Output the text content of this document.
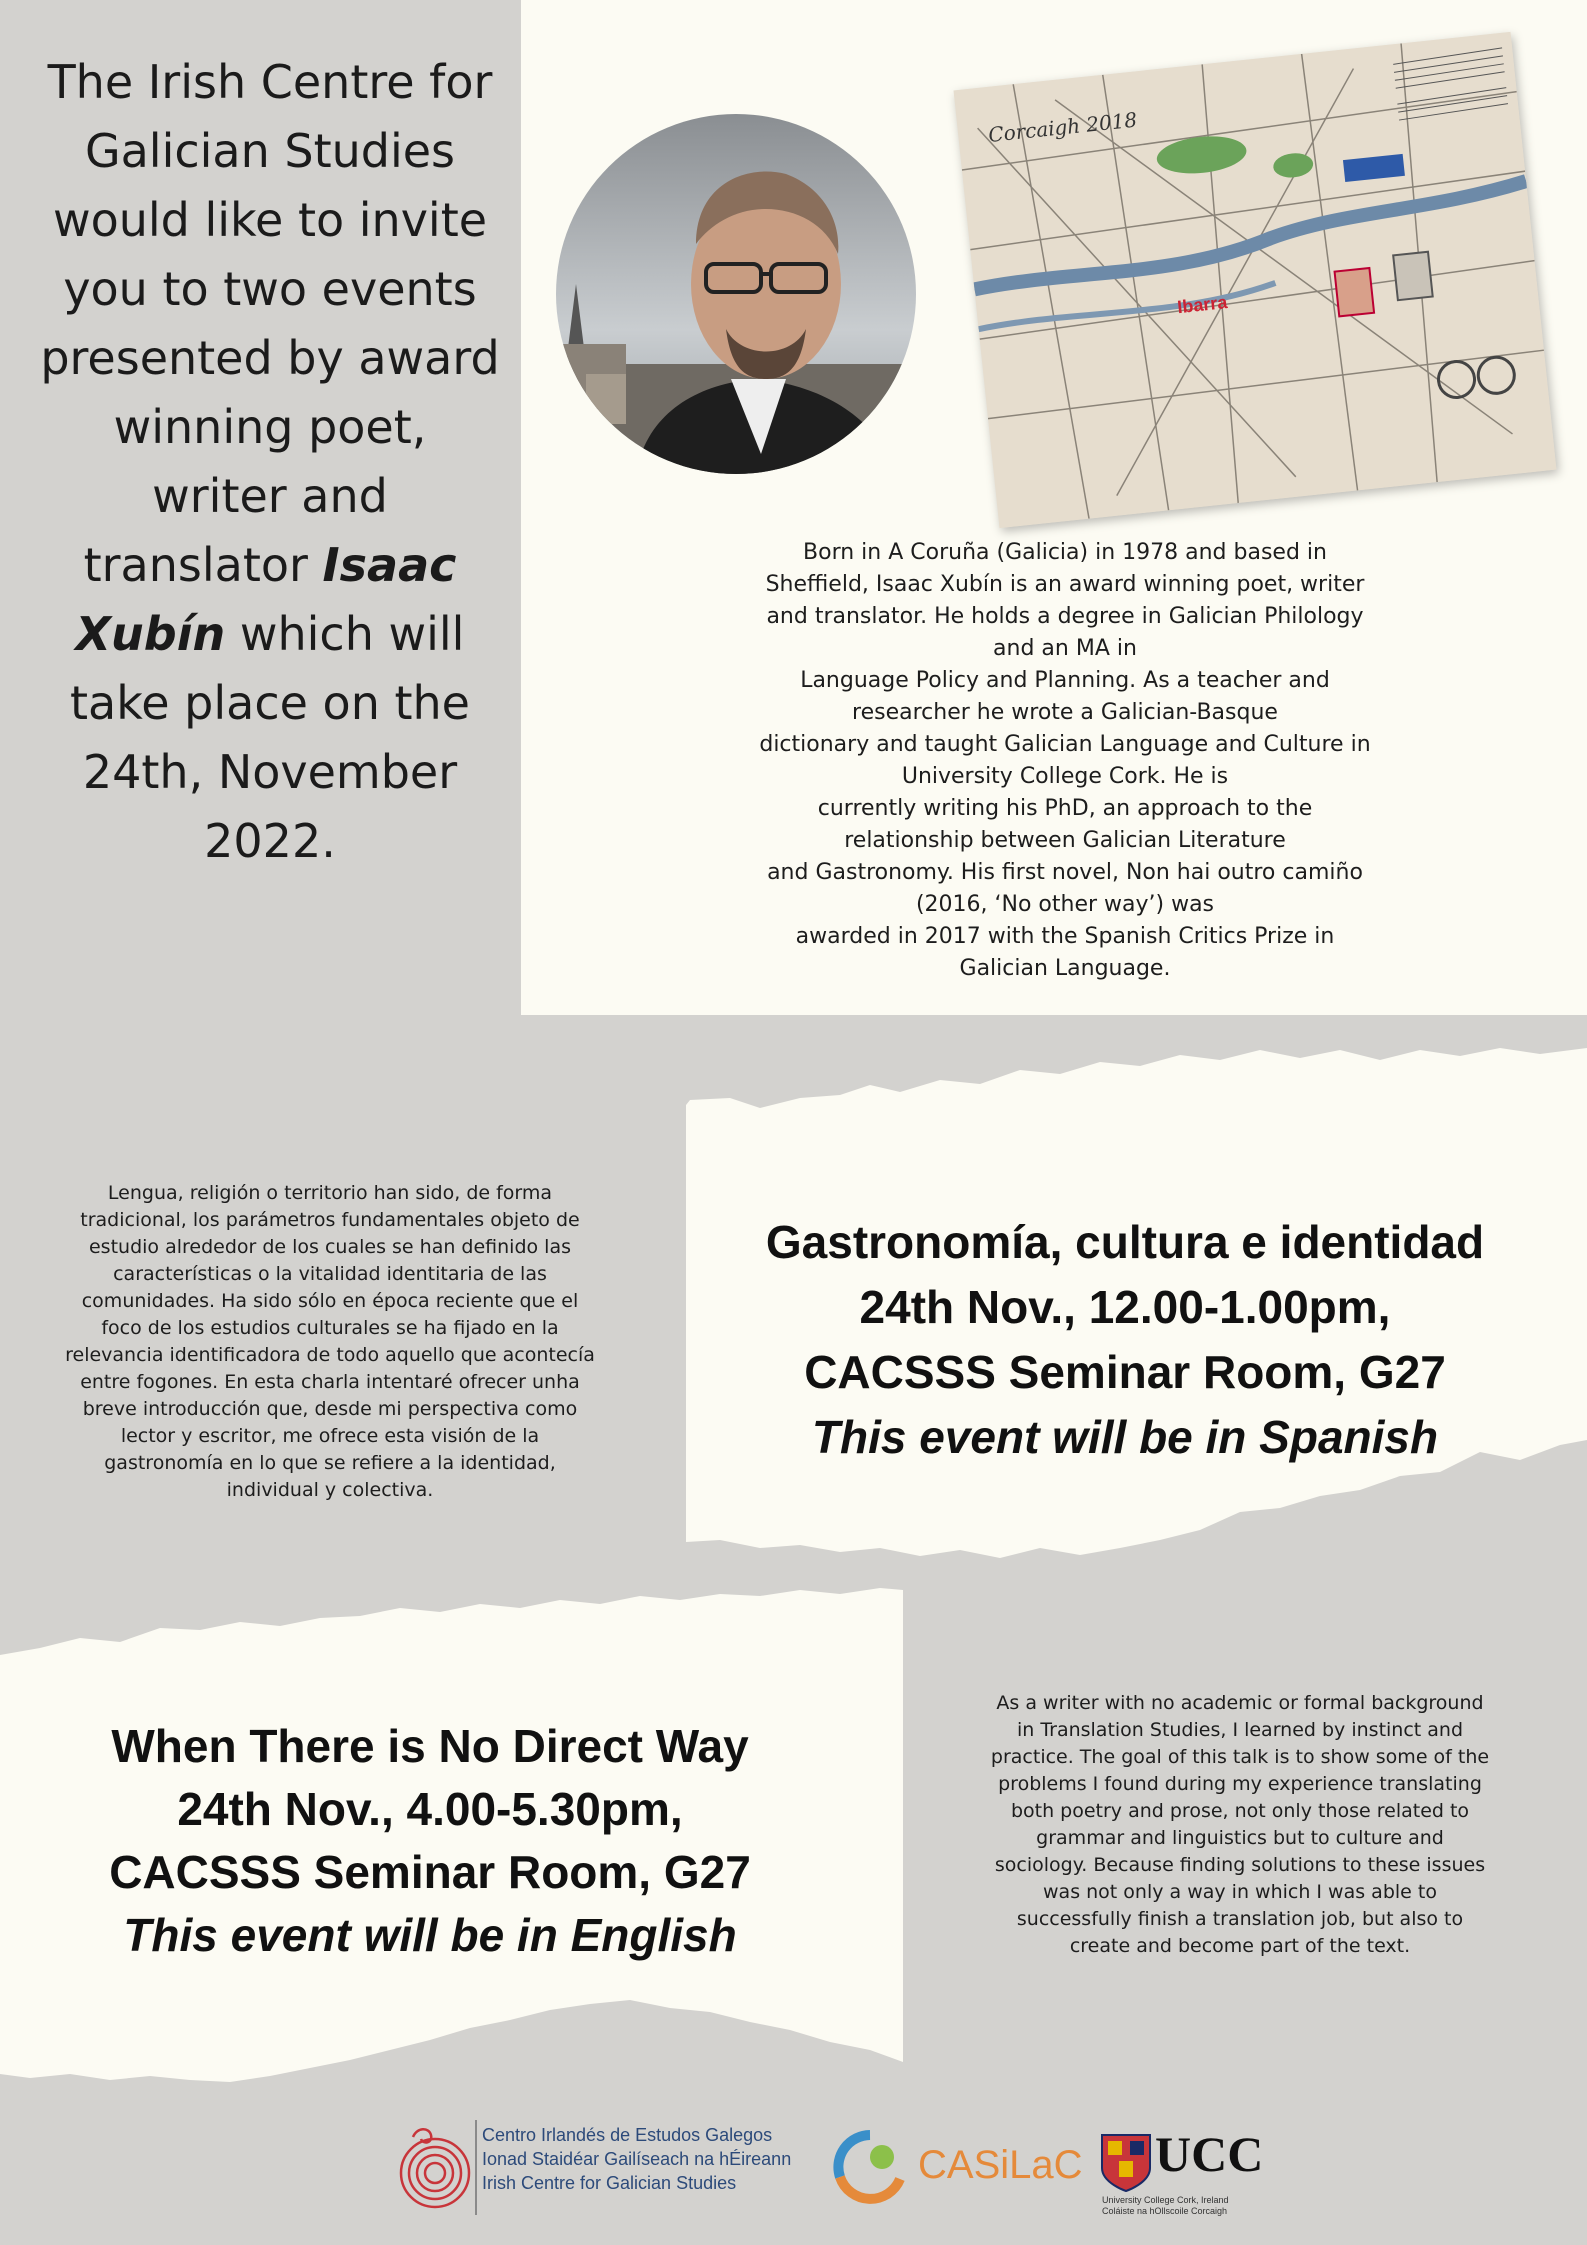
The Irish Centre for Galician Studies would like to invite you to two events presented by award winning poet, writer and translator Isaac Xubín which will take place on the 24th, November 2022.
Corcaigh 2018
Ibarra
Born in A Coruña (Galicia) in 1978 and based in
Sheffield, Isaac Xubín is an award winning poet, writer
and translator. He holds a degree in Galician Philology
and an MA in
Language Policy and Planning. As a teacher and
researcher he wrote a Galician-Basque
dictionary and taught Galician Language and Culture in
University College Cork. He is
currently writing his PhD, an approach to the
relationship between Galician Literature
and Gastronomy. His first novel, Non hai outro camiño
(2016, ‘No other way’) was
awarded in 2017 with the Spanish Critics Prize in
Galician Language.
Lengua, religión o territorio han sido, de forma tradicional, los parámetros fundamentales objeto de estudio alrededor de los cuales se han definido las características o la vitalidad identitaria de las comunidades. Ha sido sólo en época reciente que el foco de los estudios culturales se ha fijado en la relevancia identificadora de todo aquello que acontecía entre fogones. En esta charla intentaré ofrecer unha breve introducción que, desde mi perspectiva como lector y escritor, me ofrece esta visión de la gastronomía en lo que se refiere a la identidad, individual y colectiva.
Gastronomía, cultura e identidad
24th Nov., 12.00-1.00pm,
CACSSS Seminar Room, G27
This event will be in Spanish
When There is No Direct Way
24th Nov., 4.00-5.30pm,
CACSSS Seminar Room, G27
This event will be in English
As a writer with no academic or formal background in Translation Studies, I learned by instinct and practice. The goal of this talk is to show some of the problems I found during my experience translating both poetry and prose, not only those related to grammar and linguistics but to culture and sociology. Because finding solutions to these issues was not only a way in which I was able to successfully finish a translation job, but also to create and become part of the text.
Centro Irlandés de Estudos Galegos
Ionad Staidéar Gailíseach na hÉireann
Irish Centre for Galician Studies	CASiLaC UCC
University College Cork, Ireland
Coláiste na hOllscoile Corcaigh
